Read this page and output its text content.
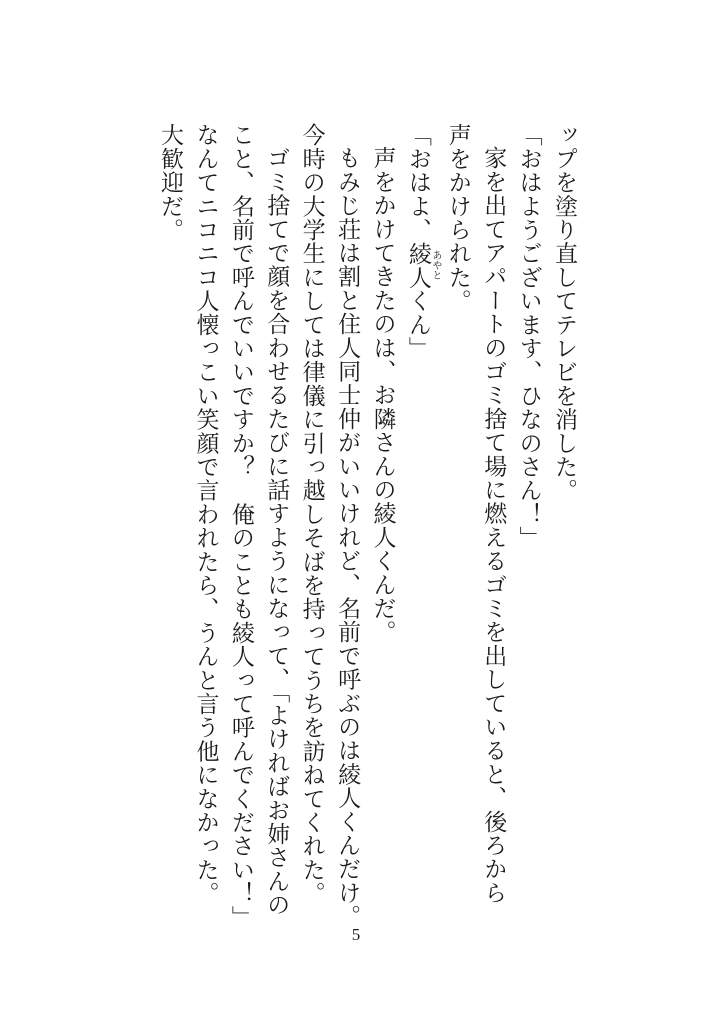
ップを塗り直してテレビを消した。

「おはようございます、ひなのさん！」

家を出てアパートのゴミ捨て場に燃えるゴミを出していると、後ろから

声をかけられた。

「おはよ、綾人 あやとくん」

声をかけてきたのは、お隣さんの綾人くんだ。

もみじ荘は割と住人同士仲がいいけれど、名前で呼ぶのは綾人くんだけ。

今時の大学生にしては律儀に引っ越しそばを持ってうちを訪ねてくれた。

ゴミ捨てで顔を合わせるたびに話すようになって、「よければお姉さんの

こと、名前で呼んでいいですか？　俺のことも綾人って呼んでください！」

なんてニコニコ人懐っこい笑顔で言われたら、うんと言う他になかった。

大歓迎だ。

5
